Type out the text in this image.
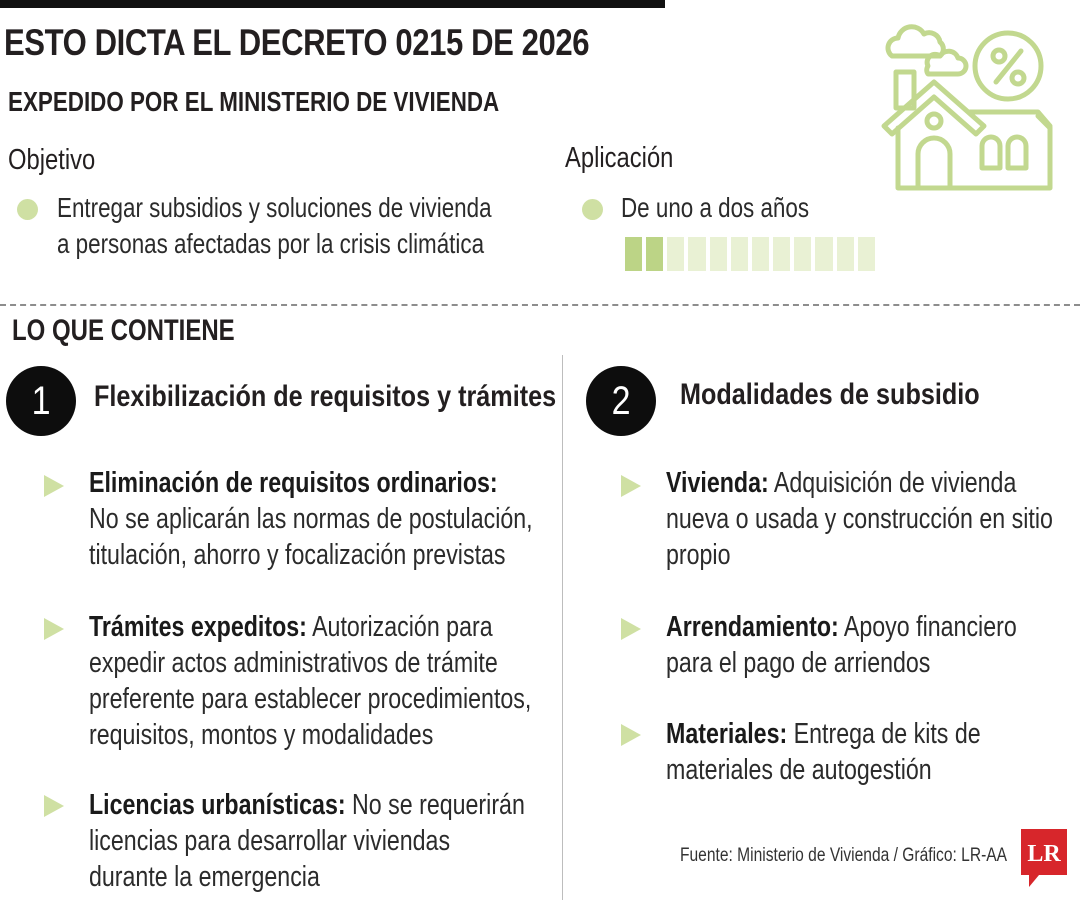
ESTO DICTA EL DECRETO 0215 DE 2026
EXPEDIDO POR EL MINISTERIO DE VIVIENDA
Objetivo
Entregar subsidios y soluciones de vivienda
a personas afectadas por la crisis climática
Aplicación
De uno a dos años
LO QUE CONTIENE
1 Flexibilización de requisitos y trámites
Eliminación de requisitos ordinarios:
No se aplicarán las normas de postulación,
titulación, ahorro y focalización previstas
Trámites expeditos: Autorización para
expedir actos administrativos de trámite
preferente para establecer procedimientos,
requisitos, montos y modalidades
Licencias urbanísticas: No se requerirán
licencias para desarrollar viviendas
durante la emergencia
2 Modalidades de subsidio
Vivienda: Adquisición de vivienda
nueva o usada y construcción en sitio
propio
Arrendamiento: Apoyo financiero
para el pago de arriendos
Materiales: Entrega de kits de
materiales de autogestión
Fuente: Ministerio de Vivienda / Gráfico: LR-AA LR
